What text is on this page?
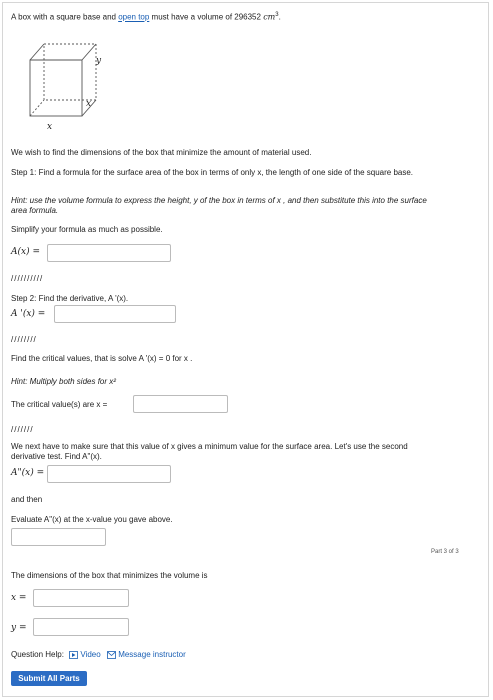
A box with a square base and open top must have a volume of 296352 $cm^3$.
y
x
x
We wish to find the dimensions of the box that minimize the amount of material used.
Step 1: Find a formula for the surface area of the box in terms of only x, the length of one side of the square base.
Hint: use the volume formula to express the height, y of the box in terms of x , and then substitute this into the surface area formula.
Simplify your formula as much as possible.
A(x) =
//////////
Step 2: Find the derivative, A '(x).
A '(x) =
////////
Find the critical values, that is solve A '(x) = 0 for x .
Hint: Multiply both sides for x²
The critical value(s) are x =
///////
We next have to make sure that this value of x gives a minimum value for the surface area. Let's use the second derivative test. Find A"(x).
A"(x) =
and then
Evaluate A"(x) at the x-value you gave above.
Part 3 of 3
The dimensions of the box that minimizes the volume is
x =
y =
Question Help: Video Message instructor
Submit All Parts
